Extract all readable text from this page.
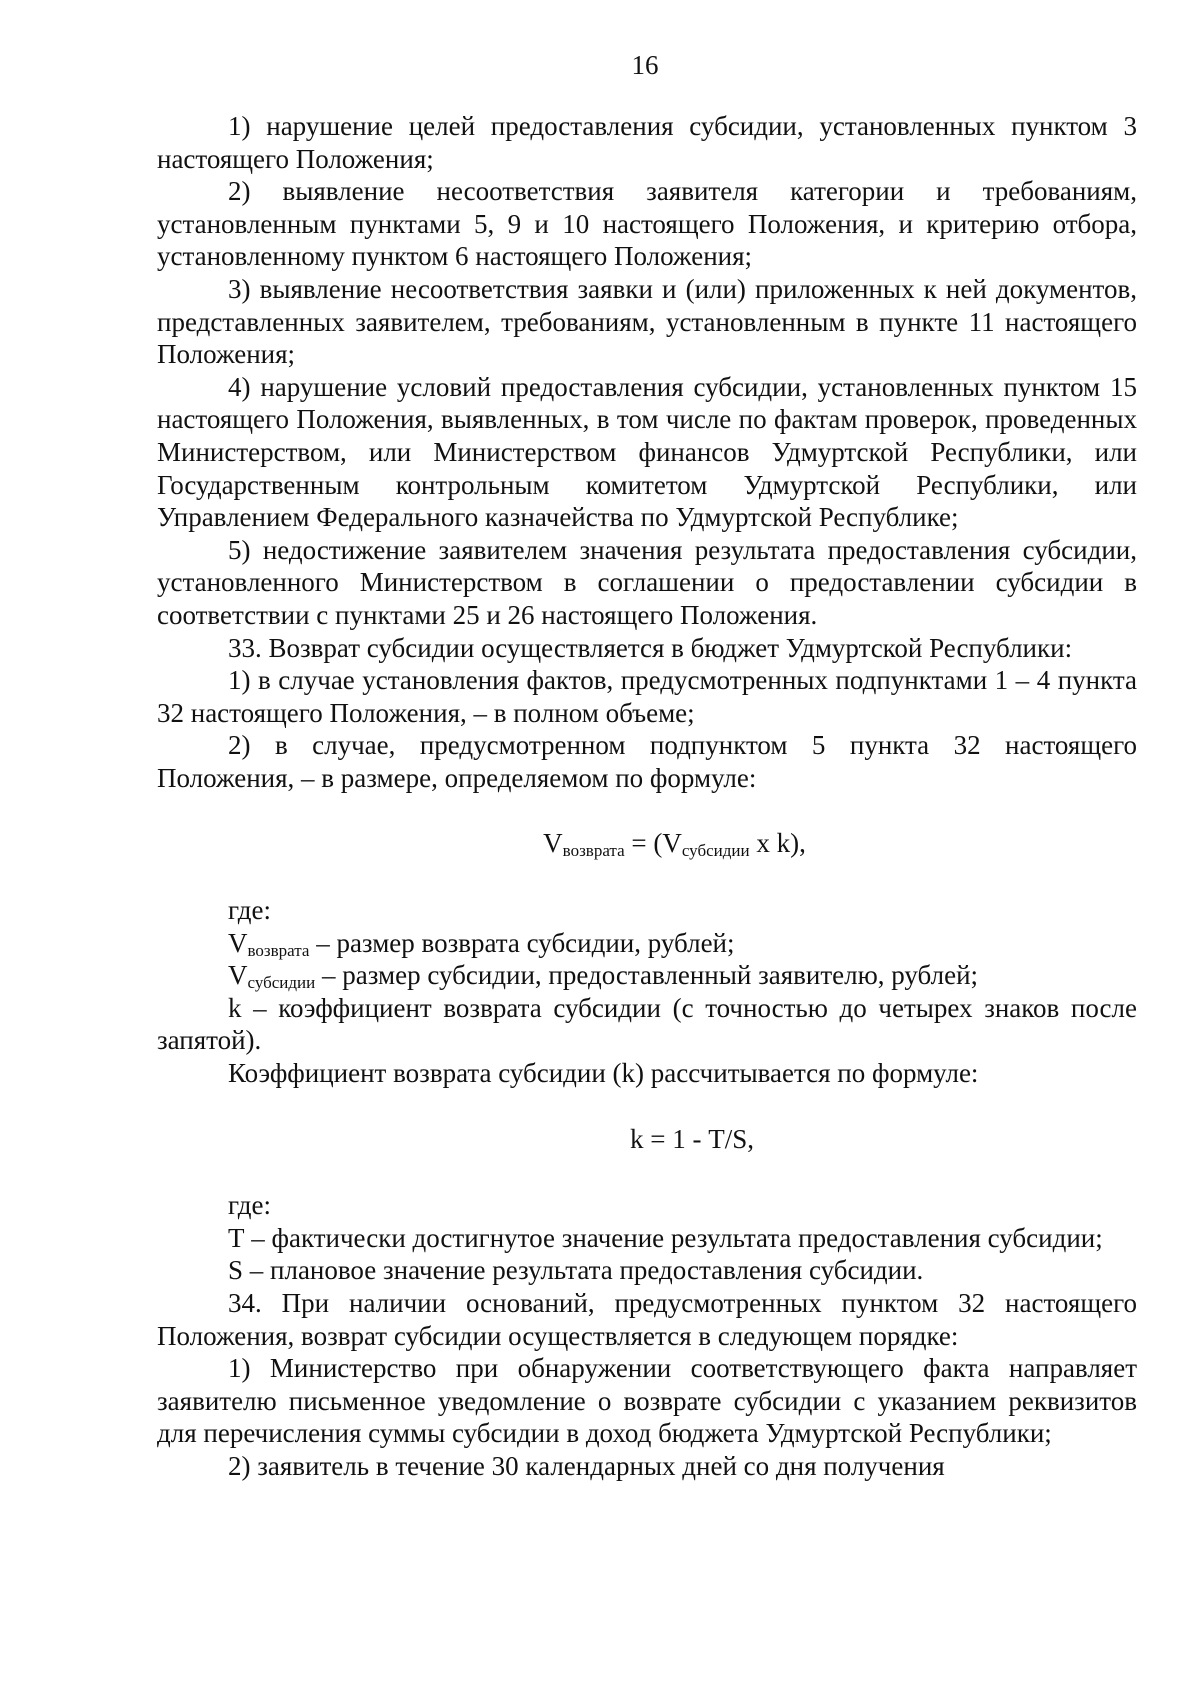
16

1) нарушение целей предоставления субсидии, установленных пунктом 3 настоящего Положения;

2) выявление несоответствия заявителя категории и требованиям, установленным пунктами 5, 9 и 10 настоящего Положения, и критерию отбора, установленному пунктом 6 настоящего Положения;

3) выявление несоответствия заявки и (или) приложенных к ней документов, представленных заявителем, требованиям, установленным в пункте 11 настоящего Положения;

4) нарушение условий предоставления субсидии, установленных пунктом 15 настоящего Положения, выявленных, в том числе по фактам проверок, проведенных Министерством, или Министерством финансов Удмуртской Республики, или Государственным контрольным комитетом Удмуртской Республики, или Управлением Федерального казначейства по Удмуртской Республике;

5) недостижение заявителем значения результата предоставления субсидии, установленного Министерством в соглашении о предоставлении субсидии в соответствии с пунктами 25 и 26 настоящего Положения.

33. Возврат субсидии осуществляется в бюджет Удмуртской Республики:

1) в случае установления фактов, предусмотренных подпунктами 1 – 4 пункта 32 настоящего Положения, – в полном объеме;

2) в случае, предусмотренном подпунктом 5 пункта 32 настоящего Положения, – в размере, определяемом по формуле:

$V_{возврата} = (V_{субсидии}$ x k),

где:

$V_{возврата}$ – размер возврата субсидии, рублей;

$V_{субсидии}$ – размер субсидии, предоставленный заявителю, рублей;

k – коэффициент возврата субсидии (с точностью до четырех знаков после запятой).

Коэффициент возврата субсидии (k) рассчитывается по формуле:

k = 1 - Т/S,

где:

Т – фактически достигнутое значение результата предоставления субсидии;

S – плановое значение результата предоставления субсидии.

34. При наличии оснований, предусмотренных пунктом 32 настоящего Положения, возврат субсидии осуществляется в следующем порядке:

1) Министерство при обнаружении соответствующего факта направляет заявителю письменное уведомление о возврате субсидии с указанием реквизитов для перечисления суммы субсидии в доход бюджета Удмуртской Республики;

2) заявитель в течение 30 календарных дней со дня получения
